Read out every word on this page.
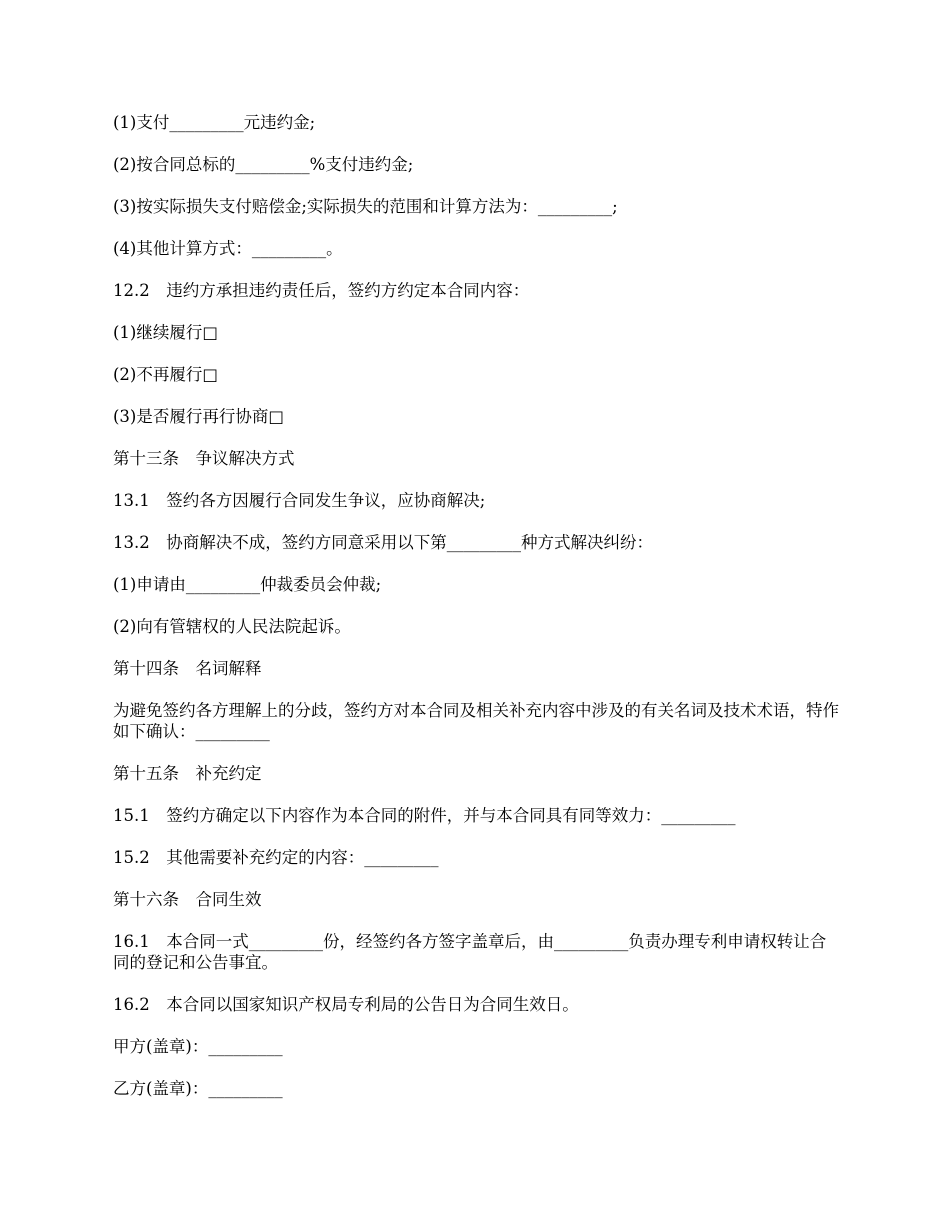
(1)支付_________元违约金;

(2)按合同总标的_________%支付违约金;

(3)按实际损失支付赔偿金;实际损失的范围和计算方法为：_________;

(4)其他计算方式：_________。

12.2　违约方承担违约责任后，签约方约定本合同内容：

(1)继续履行□

(2)不再履行□

(3)是否履行再行协商□

第十三条　争议解决方式

13.1　签约各方因履行合同发生争议，应协商解决;

13.2　协商解决不成，签约方同意采用以下第_________种方式解决纠纷：

(1)申请由_________仲裁委员会仲裁;

(2)向有管辖权的人民法院起诉。

第十四条　名词解释

为避免签约各方理解上的分歧，签约方对本合同及相关补充内容中涉及的有关名词及技术术语，特作如下确认：_________

第十五条　补充约定

15.1　签约方确定以下内容作为本合同的附件，并与本合同具有同等效力：_________

15.2　其他需要补充约定的内容：_________

第十六条　合同生效

16.1　本合同一式_________份，经签约各方签字盖章后，由_________负责办理专利申请权转让合同的登记和公告事宜。

16.2　本合同以国家知识产权局专利局的公告日为合同生效日。

甲方(盖章)：_________

乙方(盖章)：_________
